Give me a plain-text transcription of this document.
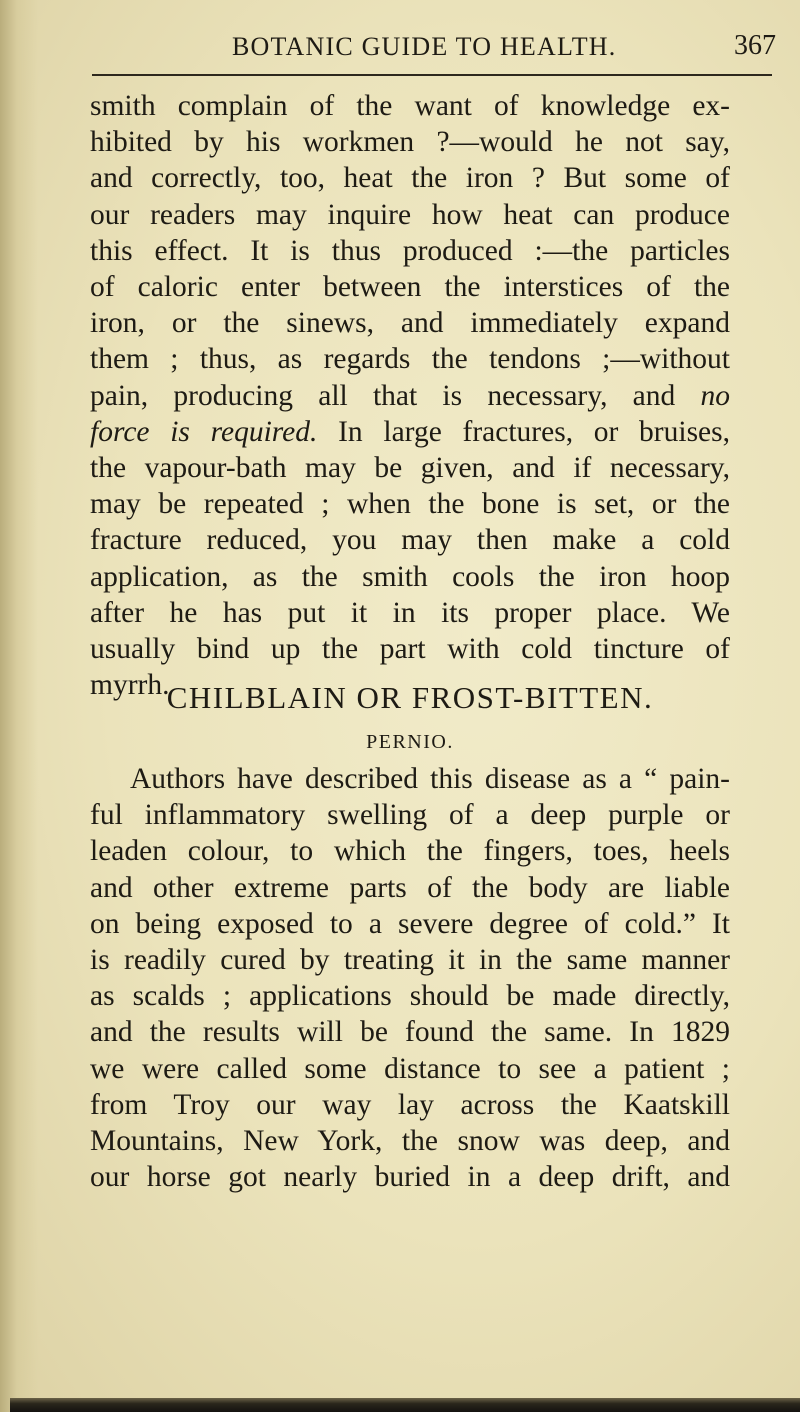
BOTANIC GUIDE TO HEALTH.	367
smith complain of the want of knowledge ex-
hibited by his workmen ?—would he not say,
and correctly, too, heat the iron ? But some of
our readers may inquire how heat can produce
this effect. It is thus produced :—the particles
of caloric enter between the interstices of the
iron, or the sinews, and immediately expand
them ; thus, as regards the tendons ;—without
pain, producing all that is necessary, and no
force is required. In large fractures, or bruises,
the vapour-bath may be given, and if necessary,
may be repeated ; when the bone is set, or the
fracture reduced, you may then make a cold
application, as the smith cools the iron hoop
after he has put it in its proper place. We
usually bind up the part with cold tincture of
myrrh.
CHILBLAIN OR FROST-BITTEN.
PERNIO.
Authors have described this disease as a “ pain-
ful inflammatory swelling of a deep purple or
leaden colour, to which the fingers, toes, heels
and other extreme parts of the body are liable
on being exposed to a severe degree of cold.” It
is readily cured by treating it in the same manner
as scalds ; applications should be made directly,
and the results will be found the same. In 1829
we were called some distance to see a patient ;
from Troy our way lay across the Kaatskill
Mountains, New York, the snow was deep, and
our horse got nearly buried in a deep drift, and
